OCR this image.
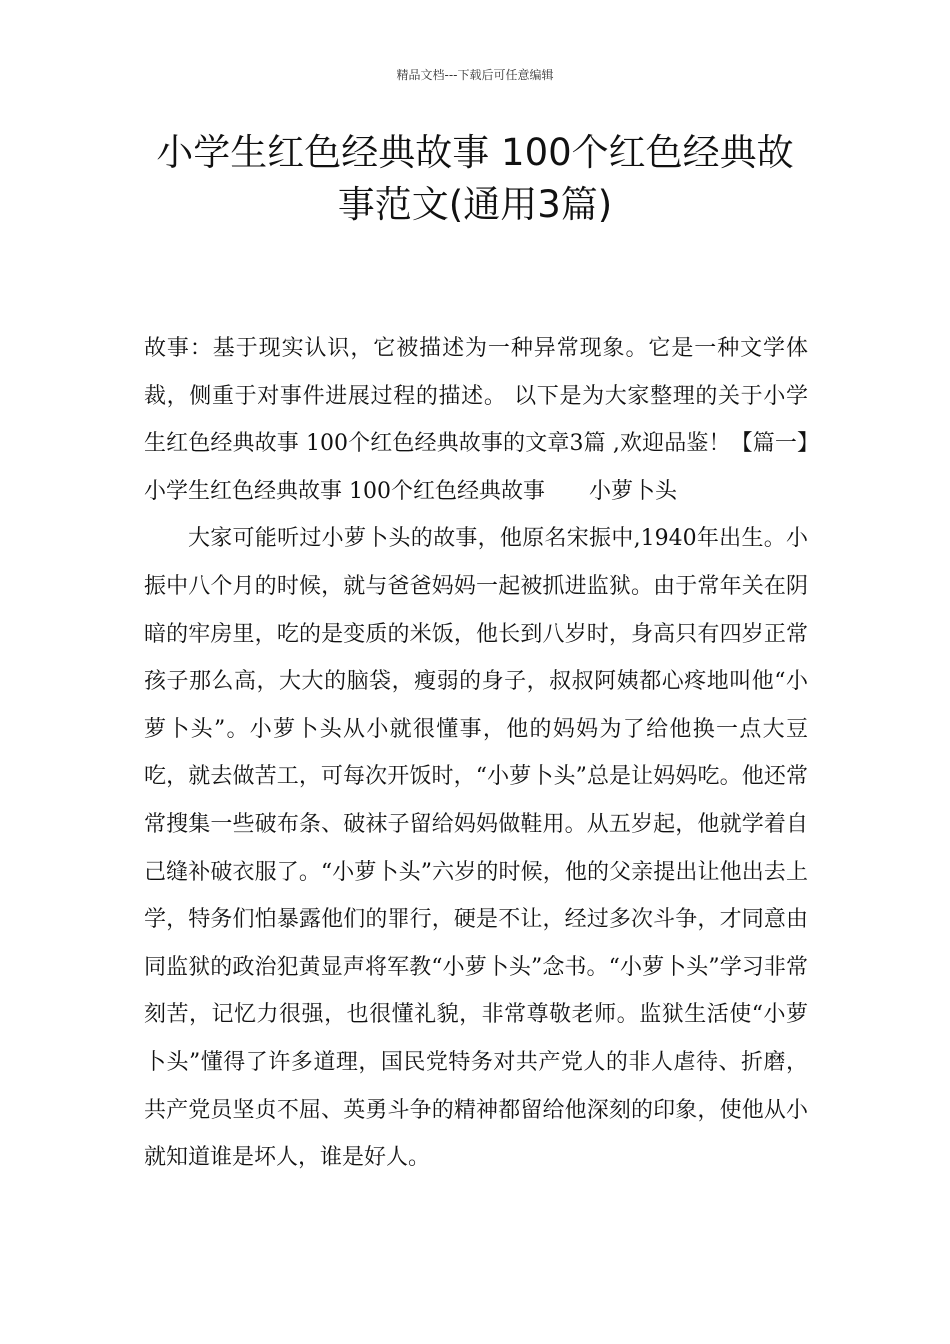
精品文档---下载后可任意编辑
小学生红色经典故事 100个红色经典故
事范文(通用3篇)

故事：基于现实认识，它被描述为一种异常现象。它是一种文学体裁，侧重于对事件进展过程的描述。 以下是为大家整理的关于小学生红色经典故事 100个红色经典故事的文章3篇 ,欢迎品鉴！【篇一】小学生红色经典故事 100个红色经典故事　　小萝卜头

大家可能听过小萝卜头的故事，他原名宋振中,1940年出生。小振中八个月的时候，就与爸爸妈妈一起被抓进监狱。由于常年关在阴暗的牢房里，吃的是变质的米饭，他长到八岁时，身高只有四岁正常孩子那么高，大大的脑袋，瘦弱的身子，叔叔阿姨都心疼地叫他“小萝卜头”。小萝卜头从小就很懂事，他的妈妈为了给他换一点大豆吃，就去做苦工，可每次开饭时，“小萝卜头”总是让妈妈吃。他还常常搜集一些破布条、破袜子留给妈妈做鞋用。从五岁起，他就学着自己缝补破衣服了。“小萝卜头”六岁的时候，他的父亲提出让他出去上学，特务们怕暴露他们的罪行，硬是不让，经过多次斗争，才同意由同监狱的政治犯黄显声将军教“小萝卜头”念书。“小萝卜头”学习非常刻苦，记忆力很强，也很懂礼貌，非常尊敬老师。监狱生活使“小萝卜头”懂得了许多道理，国民党特务对共产党人的非人虐待、折磨，共产党员坚贞不屈、英勇斗争的精神都留给他深刻的印象，使他从小就知道谁是坏人，谁是好人。
